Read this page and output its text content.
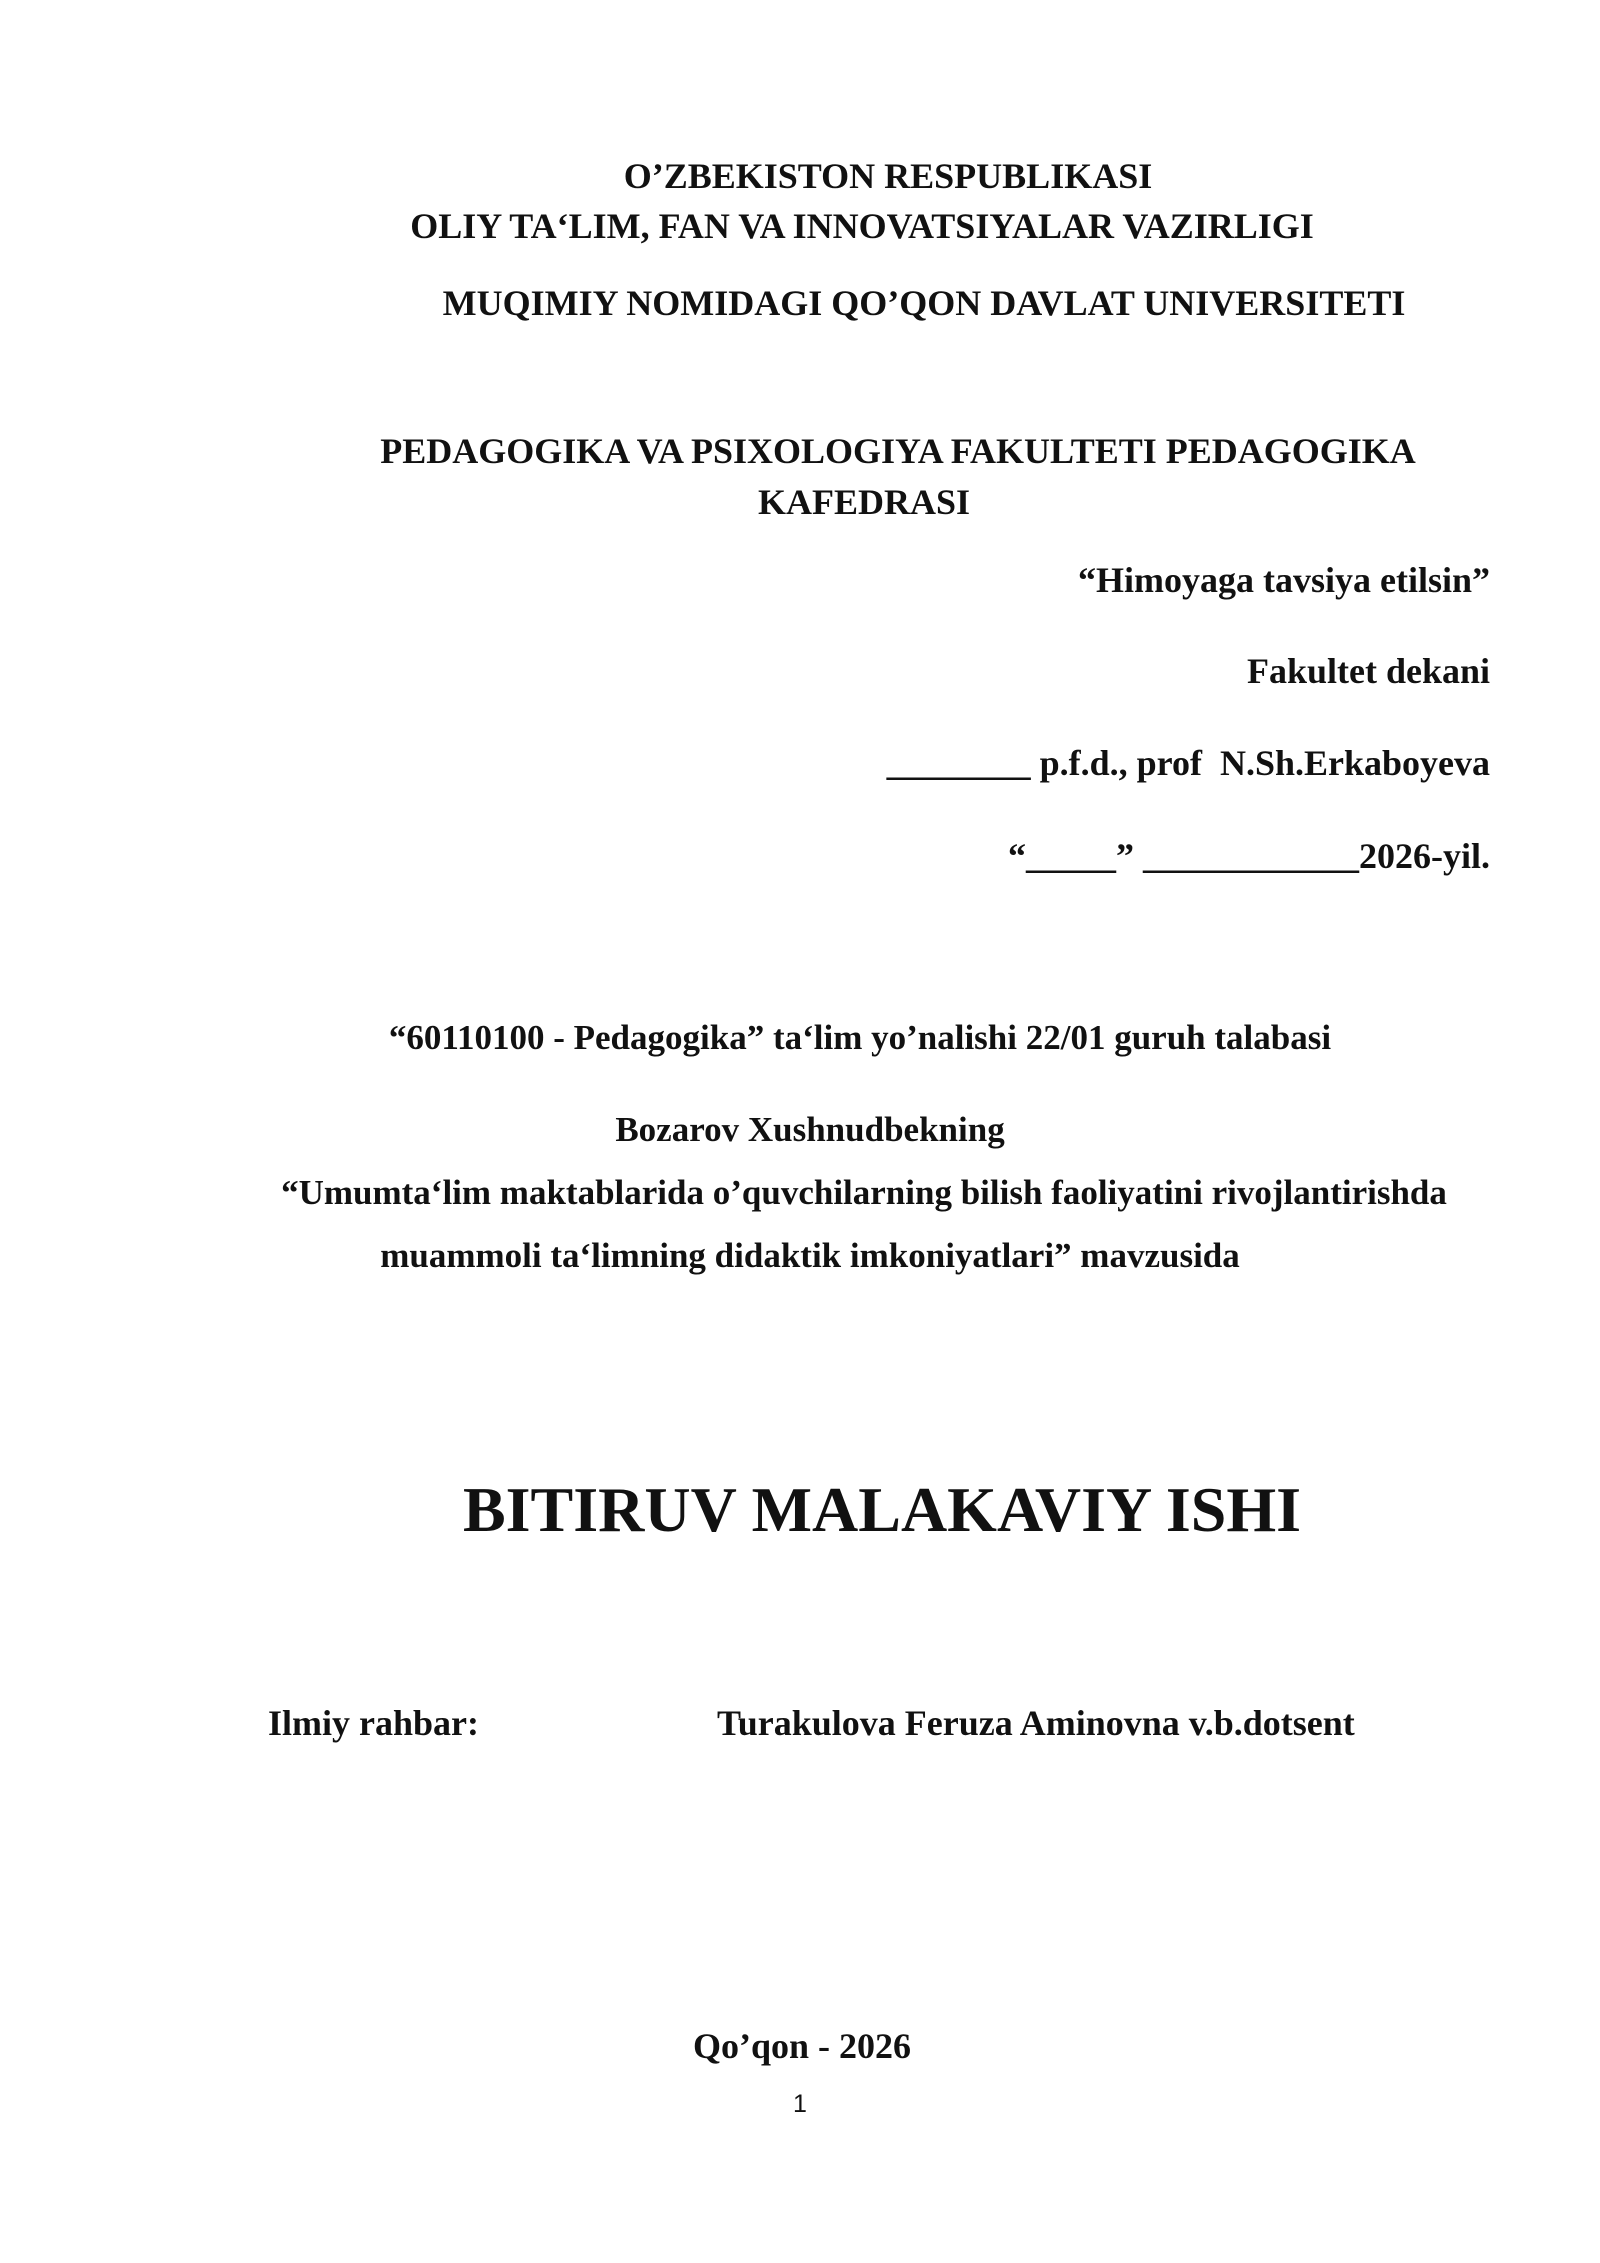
O’ZBEKISTON RESPUBLIKASI
OLIY TA‘LIM, FAN VA INNOVATSIYALAR VAZIRLIGI
MUQIMIY NOMIDAGI QO’QON DAVLAT UNIVERSITETI
PEDAGOGIKA VA PSIXOLOGIYA FAKULTETI PEDAGOGIKA
KAFEDRASI
“Himoyaga tavsiya etilsin”
Fakultet dekani
________ p.f.d., prof  N.Sh.Erkaboyeva
“_____” ____________2026-yil.
“60110100 - Pedagogika” ta‘lim yo’nalishi 22/01 guruh talabasi
Bozarov Xushnudbekning
“Umumta‘lim maktablarida o’quvchilarning bilish faoliyatini rivojlantirishda
muammoli ta‘limning didaktik imkoniyatlari” mavzusida
BITIRUV MALAKAVIY ISHI
Ilmiy rahbar:	Turakulova Feruza Aminovna v.b.dotsent
Qo’qon - 2026
1
